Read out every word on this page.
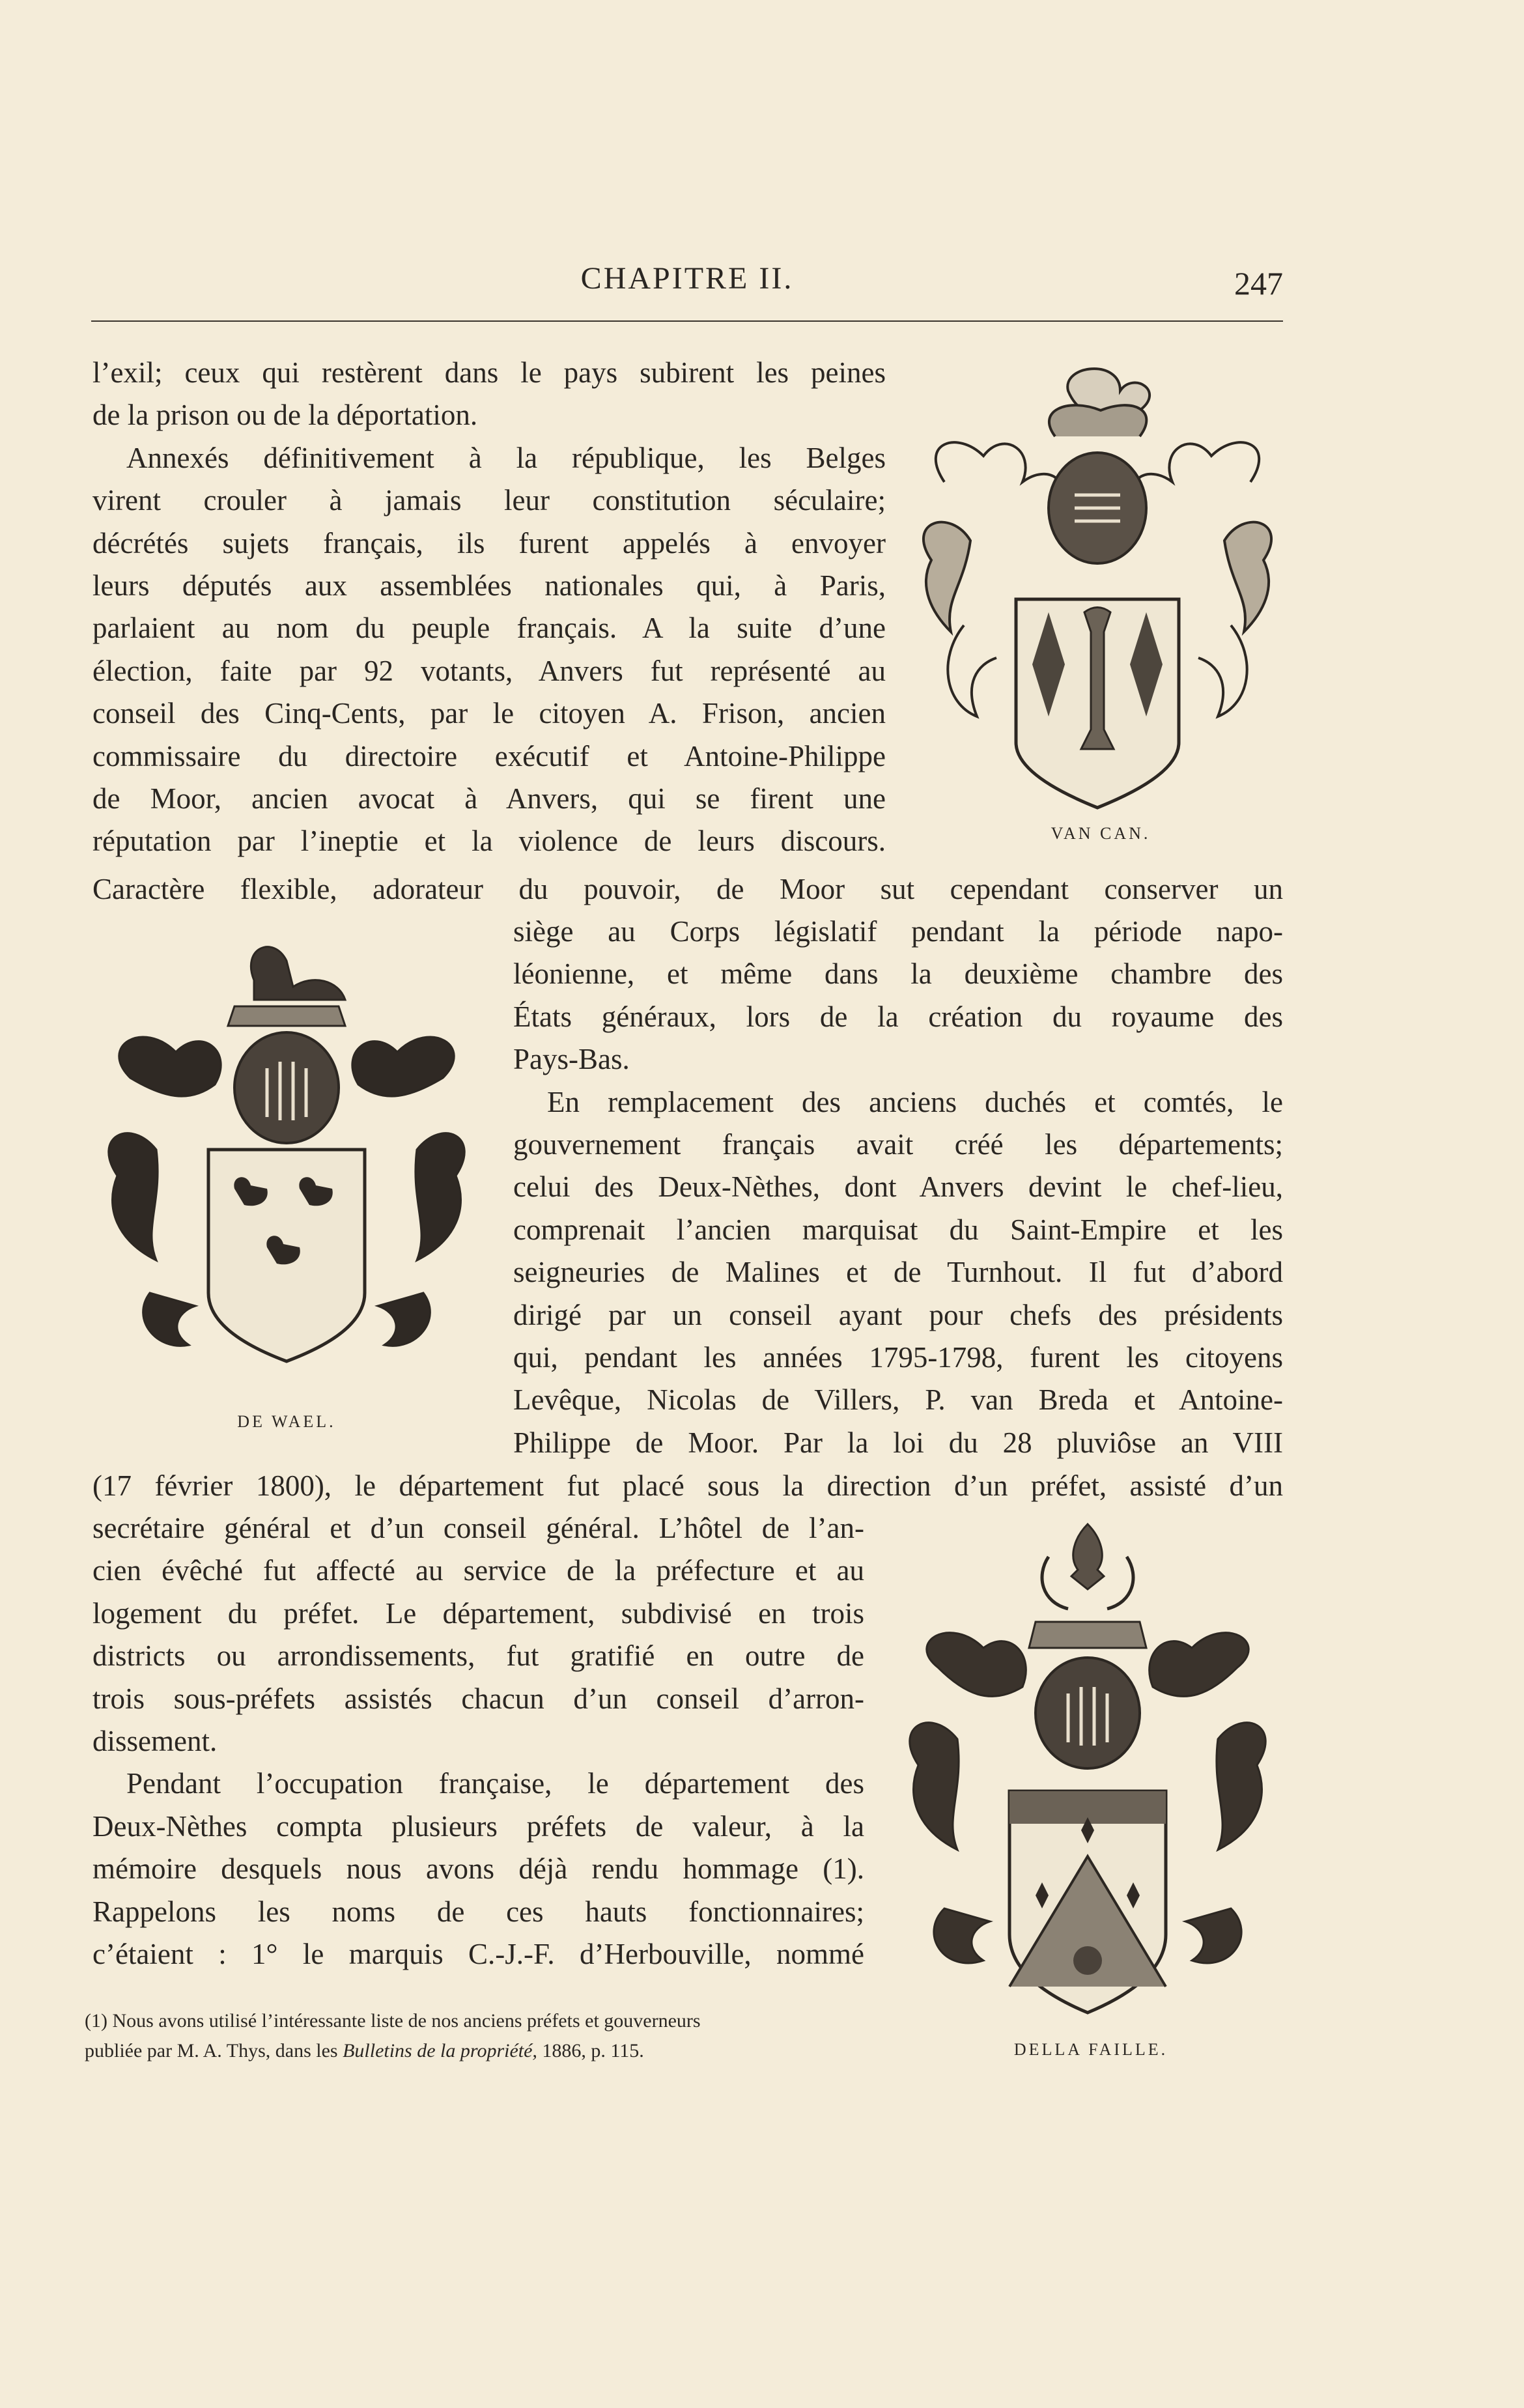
CHAPITRE II.	247

l’exil; ceux qui restèrent dans le pays subirent les peines

de la prison ou de la déportation.

Annexés définitivement à la république, les Belges

virent crouler à jamais leur constitution séculaire;

décrétés sujets français, ils furent appelés à envoyer

leurs députés aux assemblées nationales qui, à Paris,

parlaient au nom du peuple français. A la suite d’une

élection, faite par 92 votants, Anvers fut représenté au

conseil des Cinq-Cents, par le citoyen A. Frison, ancien

commissaire du directoire exécutif et Antoine-Philippe

de Moor, ancien avocat à Anvers, qui se firent une

réputation par l’ineptie et la violence de leurs discours.

Caractère flexible, adorateur du pouvoir, de Moor sut cependant conserver un

siège au Corps législatif pendant la période napo-

léonienne, et même dans la deuxième chambre des

États généraux, lors de la création du royaume des

Pays-Bas.

En remplacement des anciens duchés et comtés, le

gouvernement français avait créé les départements;

celui des Deux-Nèthes, dont Anvers devint le chef-lieu,

comprenait l’ancien marquisat du Saint-Empire et les

seigneuries de Malines et de Turnhout. Il fut d’abord

dirigé par un conseil ayant pour chefs des présidents

qui, pendant les années 1795-1798, furent les citoyens

Levêque, Nicolas de Villers, P. van Breda et Antoine-

Philippe de Moor. Par la loi du 28 pluviôse an VIII

(17 février 1800), le département fut placé sous la direction d’un préfet, assisté d’un

secrétaire général et d’un conseil général. L’hôtel de l’an-

cien évêché fut affecté au service de la préfecture et au

logement du préfet. Le département, subdivisé en trois

districts ou arrondissements, fut gratifié en outre de

trois sous-préfets assistés chacun d’un conseil d’arron-

dissement.

Pendant l’occupation française, le département des

Deux-Nèthes compta plusieurs préfets de valeur, à la

mémoire desquels nous avons déjà rendu hommage (1).

Rappelons les noms de ces hauts fonctionnaires;

c’étaient : 1° le marquis C.-J.-F. d’Herbouville, nommé

VAN CAN.
DE WAEL.
DELLA FAILLE.

(1) Nous avons utilisé l’intéressante liste de nos anciens préfets et gouverneurs

publiée par M. A. Thys, dans les Bulletins de la propriété, 1886, p. 115.
